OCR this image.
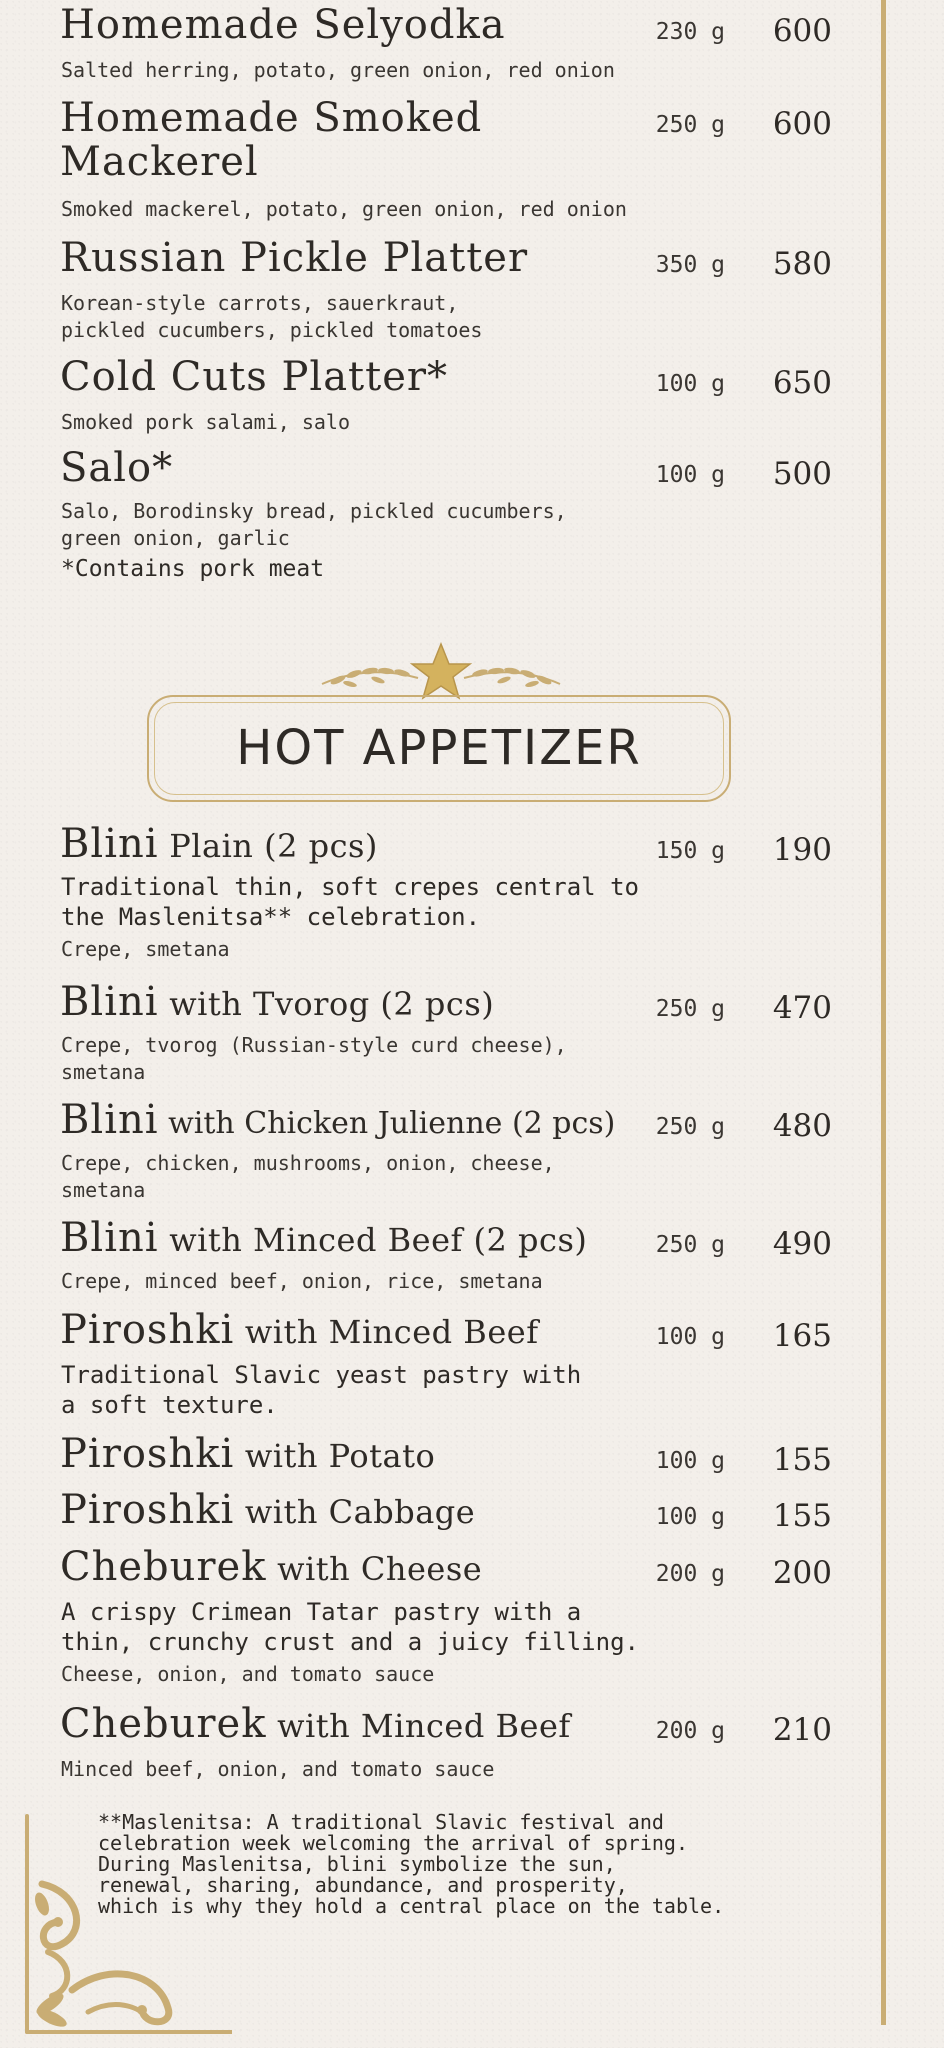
Homemade Selyodka	230 g	600
Salted herring, potato, green onion, red onion
Homemade Smoked Mackerel
250 g	600
Smoked mackerel, potato, green onion, red onion
Russian Pickle Platter	350 g	580
Korean-style carrots, sauerkraut,
pickled cucumbers, pickled tomatoes
Cold Cuts Platter*	100 g	650
Smoked pork salami, salo
Salo*	100 g	500
Salo, Borodinsky bread, pickled cucumbers,
green onion, garlic
*Contains pork meat
HOT APPETIZER
Blini Plain (2 pcs)	150 g	190
Traditional thin, soft crepes central to
the Maslenitsa** celebration.
Crepe, smetana
Blini with Tvorog (2 pcs)	250 g	470
Crepe, tvorog (Russian-style curd cheese),
smetana
Blini with Chicken Julienne (2 pcs)	250 g	480
Crepe, chicken, mushrooms, onion, cheese,
smetana
Blini with Minced Beef (2 pcs)	250 g	490
Crepe, minced beef, onion, rice, smetana
Piroshki with Minced Beef	100 g	165
Traditional Slavic yeast pastry with
a soft texture.
Piroshki with Potato	100 g	155
Piroshki with Cabbage	100 g	155
Cheburek with Cheese	200 g	200
A crispy Crimean Tatar pastry with a
thin, crunchy crust and a juicy filling.
Cheese, onion, and tomato sauce
Cheburek with Minced Beef	200 g	210
Minced beef, onion, and tomato sauce
**Maslenitsa: A traditional Slavic festival and
celebration week welcoming the arrival of spring.
During Maslenitsa, blini symbolize the sun,
renewal, sharing, abundance, and prosperity,
which is why they hold a central place on the table.
